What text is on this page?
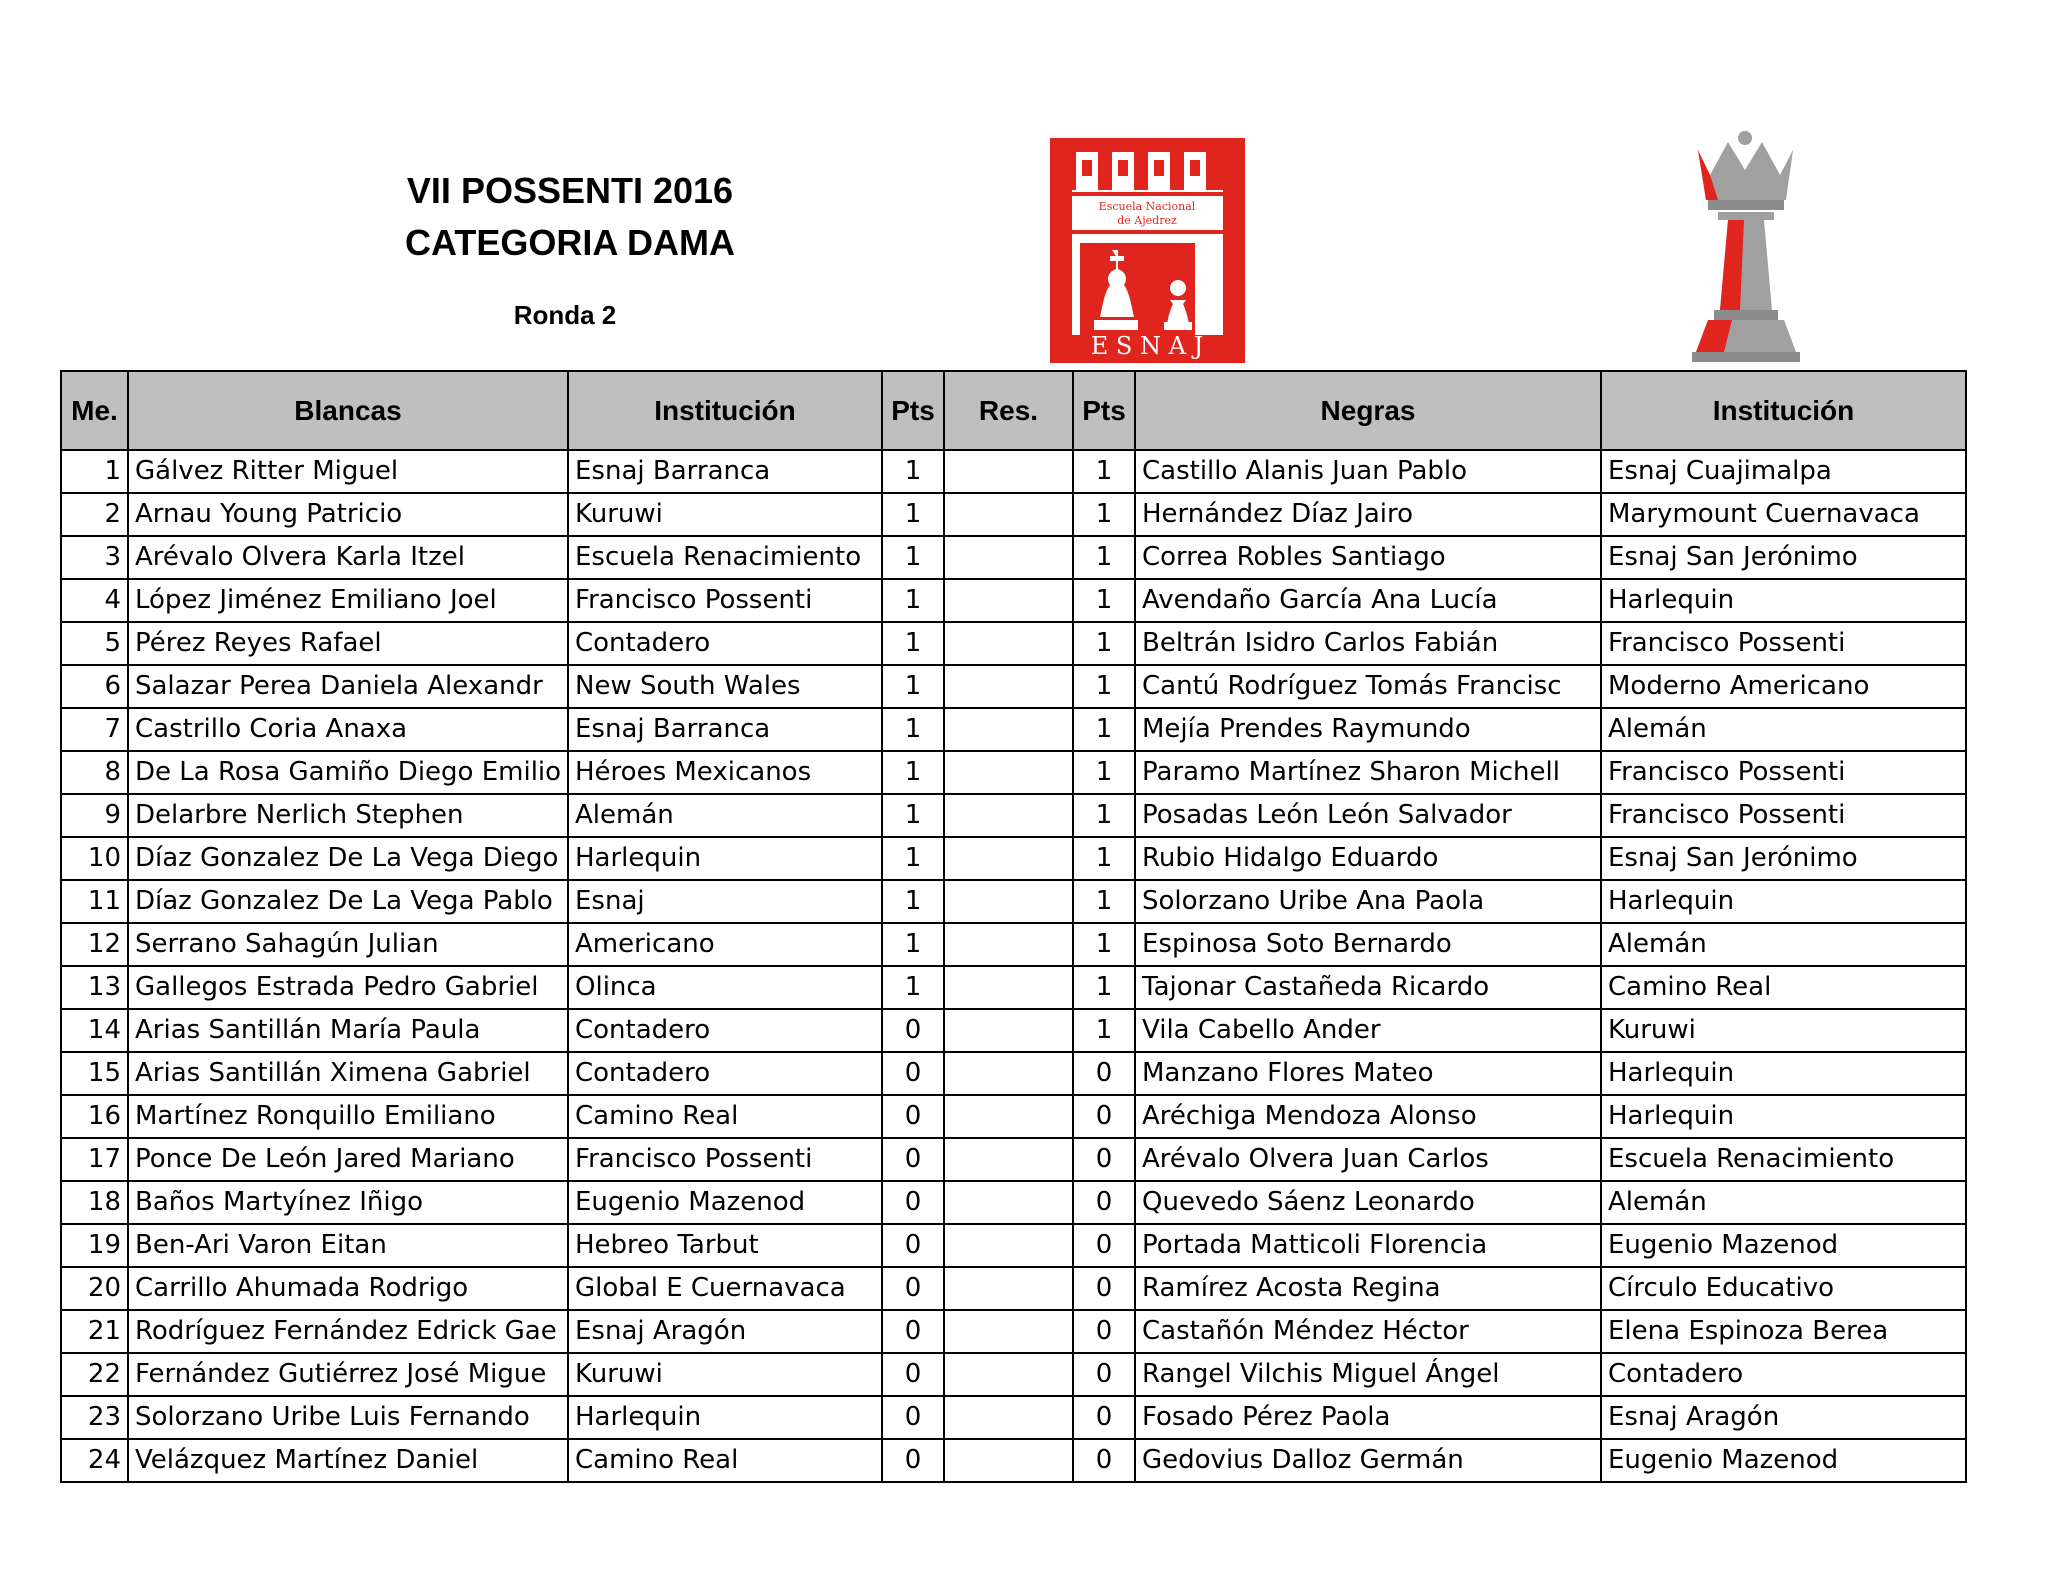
VII POSSENTI 2016
CATEGORIA DAMA
Ronda 2
Escuela Nacional
de Ajedrez
E S N A J
Me.	Blancas	Institución	Pts	Res.	Pts	Negras	Institución
1	Gálvez Ritter Miguel	Esnaj Barranca	1		1	Castillo Alanis Juan Pablo	Esnaj Cuajimalpa
2	Arnau Young Patricio	Kuruwi	1		1	Hernández Díaz Jairo	Marymount Cuernavaca
3	Arévalo Olvera Karla Itzel	Escuela Renacimiento	1		1	Correa Robles Santiago	Esnaj San Jerónimo
4	López Jiménez Emiliano Joel	Francisco Possenti	1		1	Avendaño García Ana Lucía	Harlequin
5	Pérez Reyes Rafael	Contadero	1		1	Beltrán Isidro Carlos Fabián	Francisco Possenti
6	Salazar Perea Daniela Alexandr	New South Wales	1		1	Cantú Rodríguez Tomás Francisc	Moderno Americano
7	Castrillo Coria Anaxa	Esnaj Barranca	1		1	Mejía Prendes Raymundo	Alemán
8	De La Rosa Gamiño Diego Emilio	Héroes Mexicanos	1		1	Paramo Martínez Sharon Michell	Francisco Possenti
9	Delarbre Nerlich Stephen	Alemán	1		1	Posadas León León Salvador	Francisco Possenti
10	Díaz Gonzalez De La Vega Diego	Harlequin	1		1	Rubio Hidalgo Eduardo	Esnaj San Jerónimo
11	Díaz Gonzalez De La Vega Pablo	Esnaj	1		1	Solorzano Uribe Ana Paola	Harlequin
12	Serrano Sahagún Julian	Americano	1		1	Espinosa Soto Bernardo	Alemán
13	Gallegos Estrada Pedro Gabriel	Olinca	1		1	Tajonar Castañeda Ricardo	Camino Real
14	Arias Santillán María Paula	Contadero	0		1	Vila Cabello Ander	Kuruwi
15	Arias Santillán Ximena Gabriel	Contadero	0		0	Manzano Flores Mateo	Harlequin
16	Martínez Ronquillo Emiliano	Camino Real	0		0	Aréchiga Mendoza Alonso	Harlequin
17	Ponce De León Jared Mariano	Francisco Possenti	0		0	Arévalo Olvera Juan Carlos	Escuela Renacimiento
18	Baños Martyínez Iñigo	Eugenio Mazenod	0		0	Quevedo Sáenz Leonardo	Alemán
19	Ben-Ari Varon Eitan	Hebreo Tarbut	0		0	Portada Matticoli Florencia	Eugenio Mazenod
20	Carrillo Ahumada Rodrigo	Global E Cuernavaca	0		0	Ramírez Acosta Regina	Círculo Educativo
21	Rodríguez Fernández Edrick Gae	Esnaj Aragón	0		0	Castañón Méndez Héctor	Elena Espinoza Berea
22	Fernández Gutiérrez José Migue	Kuruwi	0		0	Rangel Vilchis Miguel Ángel	Contadero
23	Solorzano Uribe Luis Fernando	Harlequin	0		0	Fosado Pérez Paola	Esnaj Aragón
24	Velázquez Martínez Daniel	Camino Real	0		0	Gedovius Dalloz Germán	Eugenio Mazenod
